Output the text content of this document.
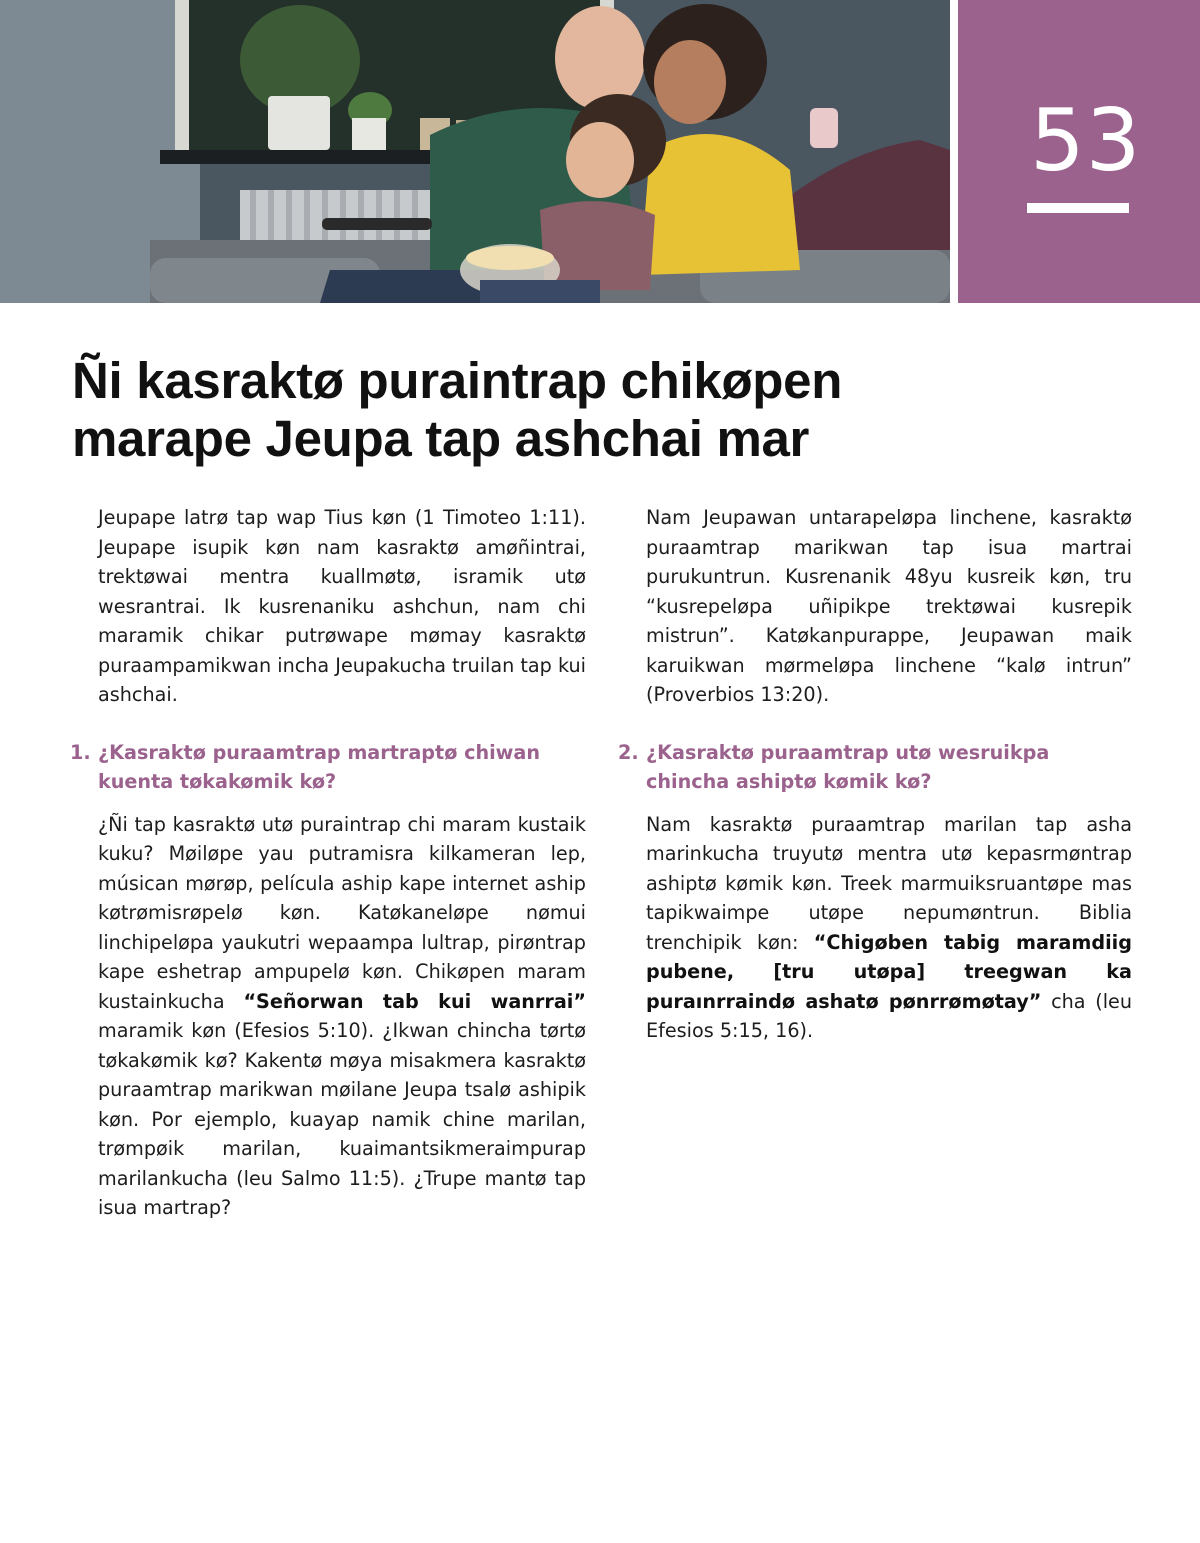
53
Ñi kasraktø puraintrap chikøpen
marape Jeupa tap ashchai mar

Jeupape latrø tap wap Tius køn (1 Timoteo 1:11). Jeupape isupik køn nam kasraktø amøñintrai, trektøwai mentra kuallmøtø, isramik utø wesrantrai. Ik kusrenaniku ashchun, nam chi maramik chikar putrøwape mømay kasraktø puraampamikwan incha Jeupakucha truilan tap kui ashchai.

1. ¿Kasraktø puraamtrap martraptø chiwan kuenta tøkakømik kø?

¿Ñi tap kasraktø utø puraintrap chi maram kustaik kuku? Møiløpe yau putramisra kilkameran lep, músican mørøp, película aship kape internet aship køtrømisrøpelø køn. Katøkaneløpe nømui linchipeløpa yaukutri wepaampa lultrap, pirøntrap kape eshetrap ampupelø køn. Chikøpen maram kustainkucha “Señorwan tab kui wanrrai” maramik køn (Efesios 5:10). ¿Ikwan chincha tørtø tøkakømik kø? Kakentø møya misakmera kasraktø puraamtrap marikwan møilane Jeupa tsalø ashipik køn. Por ejemplo, kuayap namik chine marilan, trømpøik marilan, kuaimantsikmeraimpurap marilankucha (leu Salmo 11:5). ¿Trupe mantø tap isua martrap?

Nam Jeupawan untarapeløpa linchene, kasraktø puraamtrap marikwan tap isua martrai purukuntrun. Kusrenanik 48yu kusreik køn, tru “kusrepeløpa uñipikpe trektøwai kusrepik mistrun”. Katøkanpurappe, Jeupawan maik karuikwan mørmeløpa linchene “kalø intrun” (Proverbios 13:20).

2. ¿Kasraktø puraamtrap utø wesruikpa chincha ashiptø kømik kø?

Nam kasraktø puraamtrap marilan tap asha marinkucha truyutø mentra utø kepasrmøntrap ashiptø kømik køn. Treek marmuiksruantøpe mas tapikwaimpe utøpe nepumøntrun. Biblia trenchipik køn: “Chigøben tabig maramdiig pubene, [tru utøpa] treegwan ka puraınrraindø ashatø pønrrømøtay” cha (leu Efesios 5:15, 16).
